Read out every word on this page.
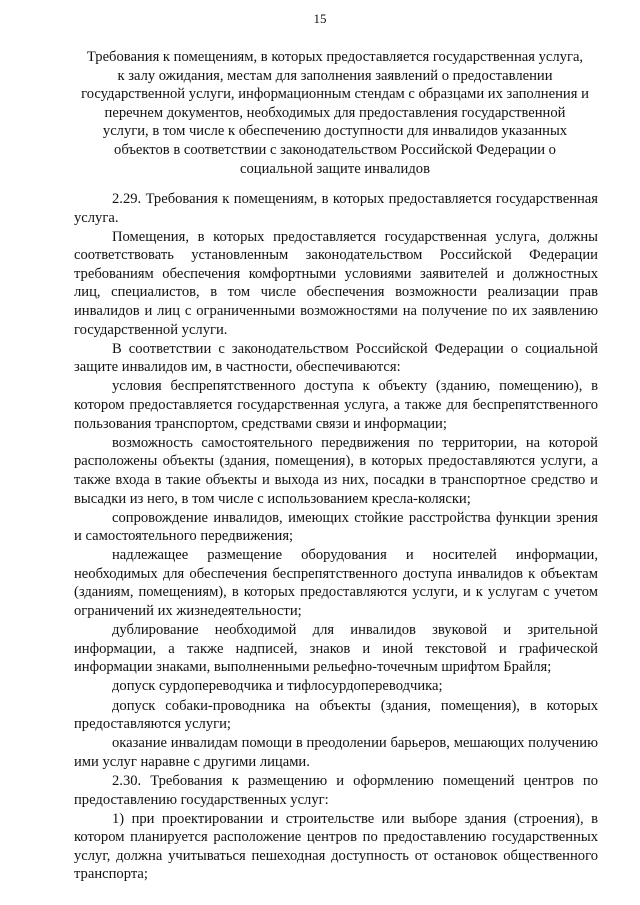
15
Требования к помещениям, в которых предоставляется государственная услуга,
к залу ожидания, местам для заполнения заявлений о предоставлении
государственной услуги, информационным стендам с образцами их заполнения и
перечнем документов, необходимых для предоставления государственной
услуги, в том числе к обеспечению доступности для инвалидов указанных
объектов в соответствии с законодательством Российской Федерации о
социальной защите инвалидов

2.29. Требования к помещениям, в которых предоставляется государственная услуга.

Помещения, в которых предоставляется государственная услуга, должны соответствовать установленным законодательством Российской Федерации требованиям обеспечения комфортными условиями заявителей и должностных лиц, специалистов, в том числе обеспечения возможности реализации прав инвалидов и лиц с ограниченными возможностями на получение по их заявлению государственной услуги.

В соответствии с законодательством Российской Федерации о социальной защите инвалидов им, в частности, обеспечиваются:

условия беспрепятственного доступа к объекту (зданию, помещению), в котором предоставляется государственная услуга, а также для беспрепятственного пользования транспортом, средствами связи и информации;

возможность самостоятельного передвижения по территории, на которой расположены объекты (здания, помещения), в которых предоставляются услуги, а также входа в такие объекты и выхода из них, посадки в транспортное средство и высадки из него, в том числе с использованием кресла-коляски;

сопровождение инвалидов, имеющих стойкие расстройства функции зрения и самостоятельного передвижения;

надлежащее размещение оборудования и носителей информации, необходимых для обеспечения беспрепятственного доступа инвалидов к объектам (зданиям, помещениям), в которых предоставляются услуги, и к услугам с учетом ограничений их жизнедеятельности;

дублирование необходимой для инвалидов звуковой и зрительной информации, а также надписей, знаков и иной текстовой и графической информации знаками, выполненными рельефно-точечным шрифтом Брайля;

допуск сурдопереводчика и тифлосурдопереводчика;

допуск собаки-проводника на объекты (здания, помещения), в которых предоставляются услуги;

оказание инвалидам помощи в преодолении барьеров, мешающих получению ими услуг наравне с другими лицами.

2.30. Требования к размещению и оформлению помещений центров по предоставлению государственных услуг:

1) при проектировании и строительстве или выборе здания (строения), в котором планируется расположение центров по предоставлению государственных услуг, должна учитываться пешеходная доступность от остановок общественного транспорта;
